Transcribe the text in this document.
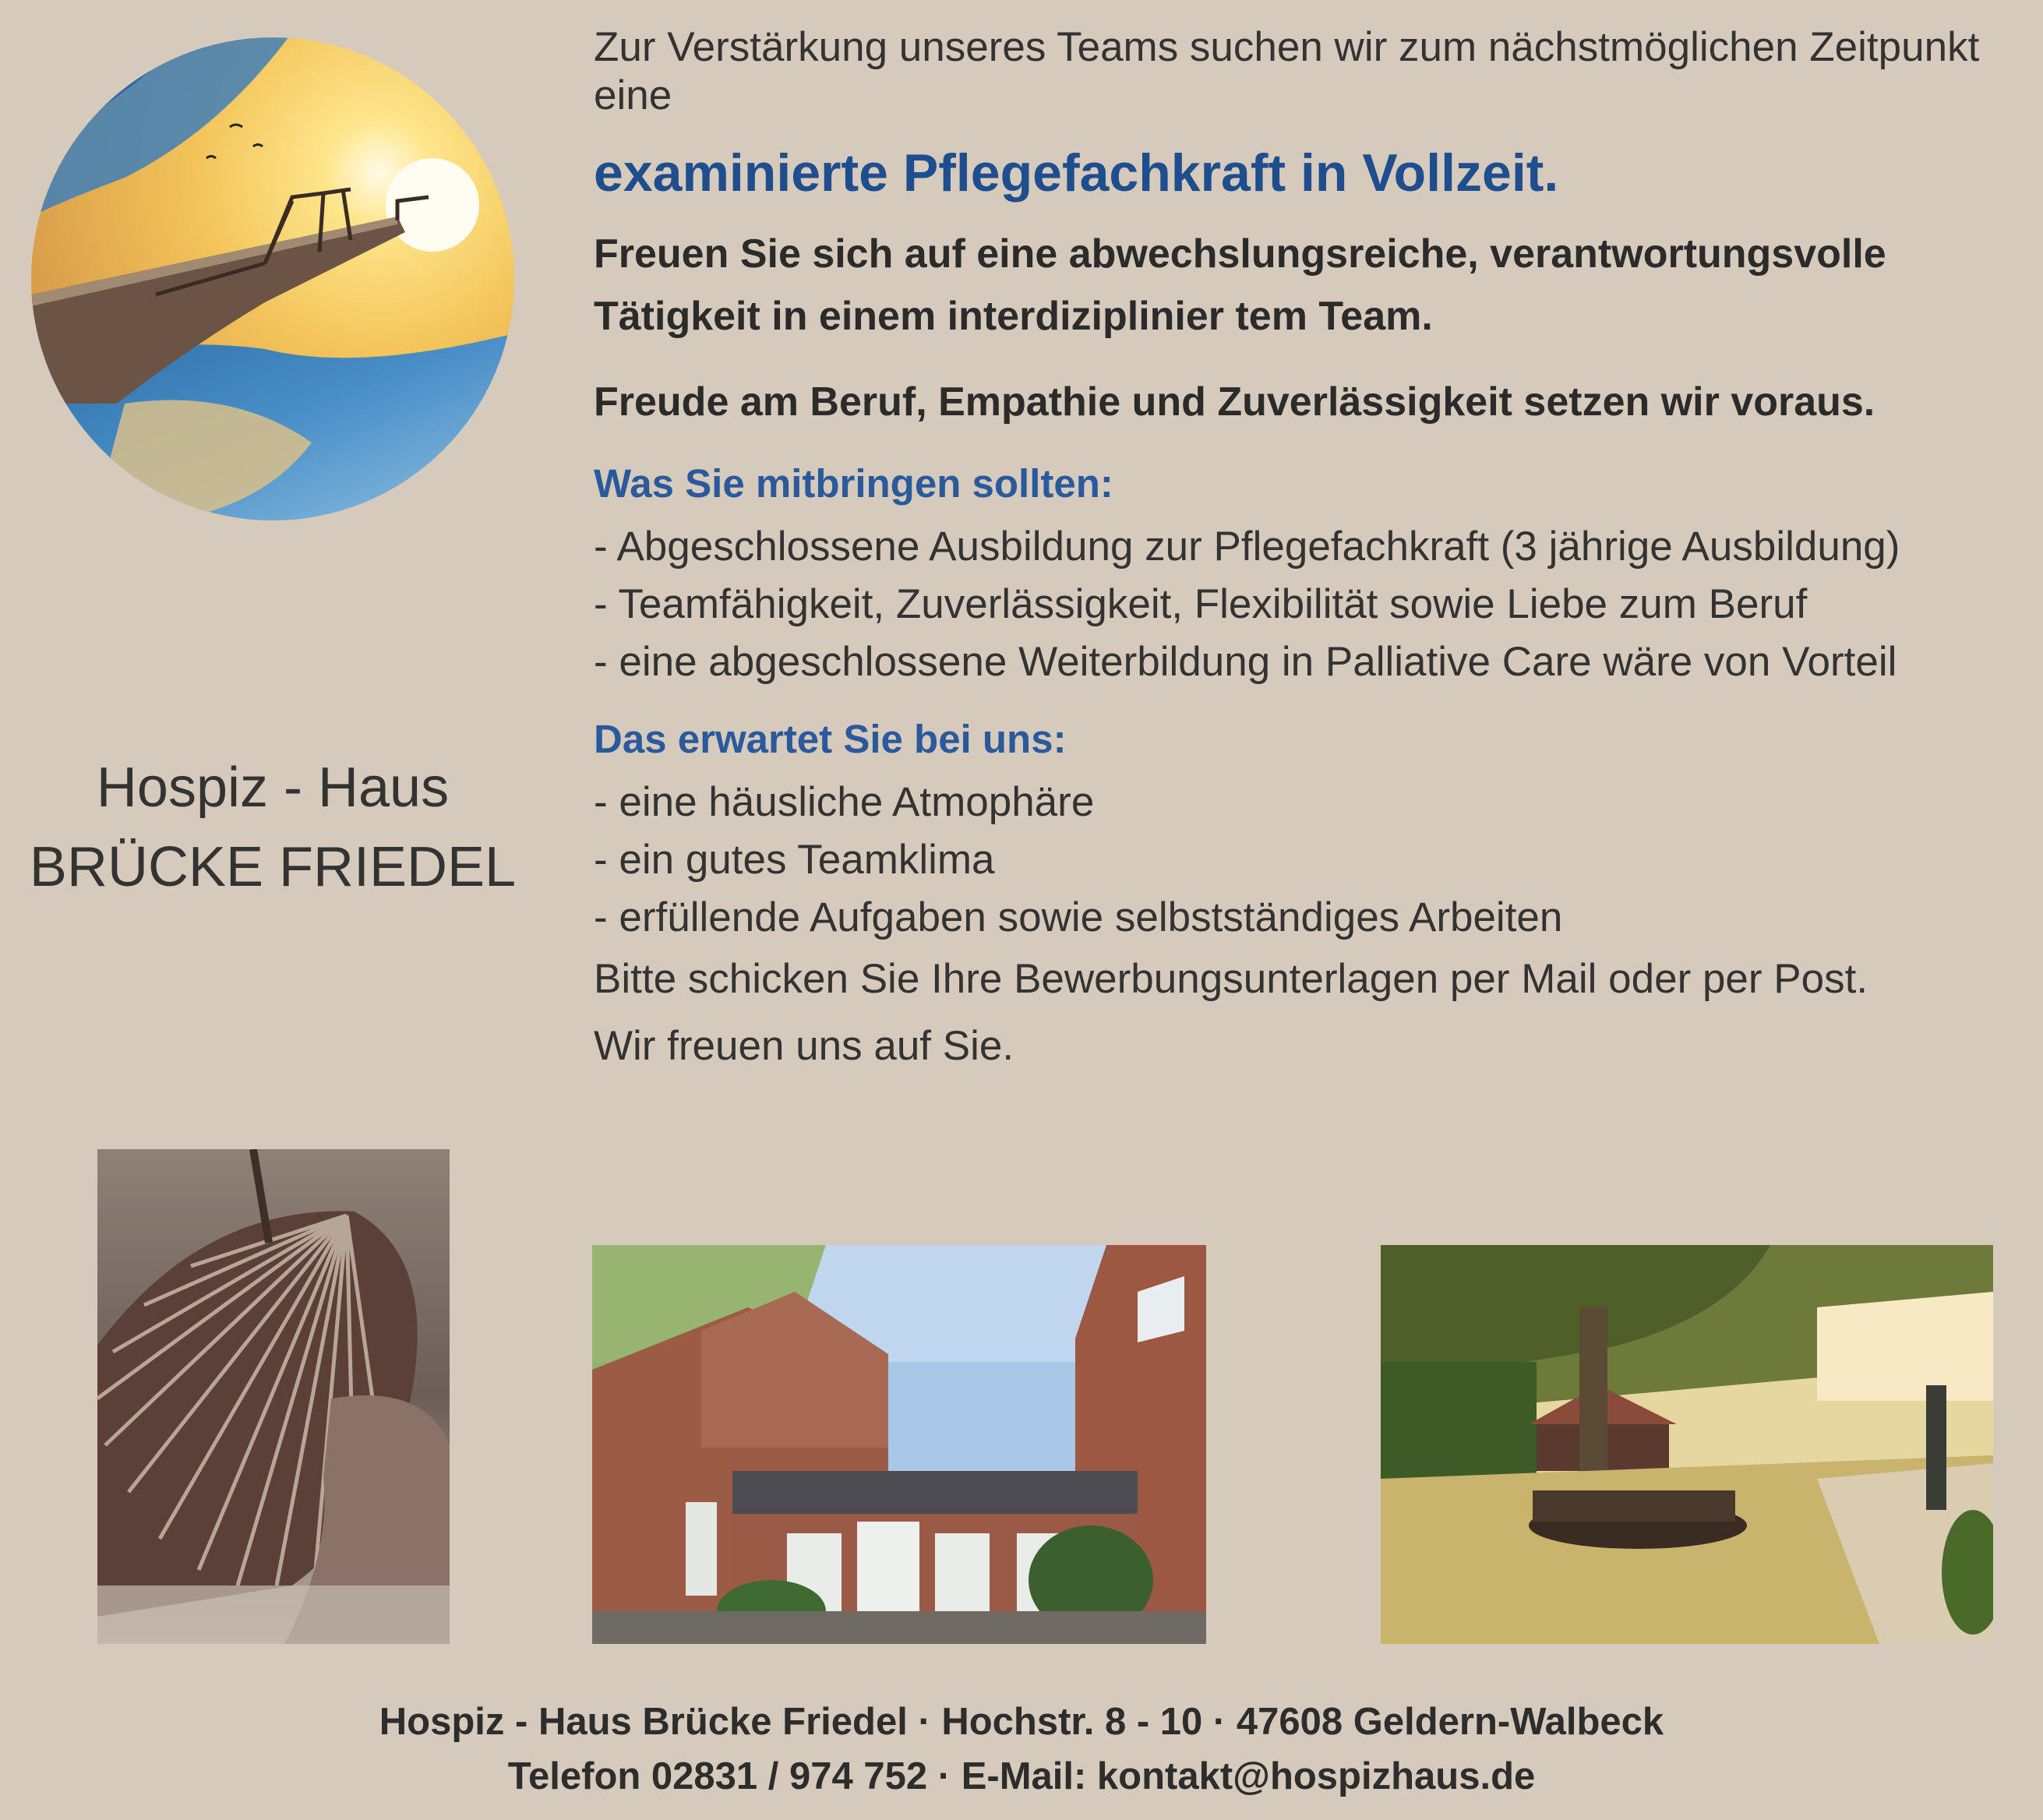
Hospiz - Haus
BRÜCKE FRIEDEL

Zur Verstärkung unseres Teams suchen wir zum nächstmöglichen Zeitpunkt eine

examinierte Pflegefachkraft in Vollzeit.

Freuen Sie sich auf eine abwechslungsreiche, verantwortungsvolle Tätigkeit in einem interdiziplinier tem Team.

Freude am Beruf, Empathie und Zuverlässigkeit setzen wir voraus.

Was Sie mitbringen sollten:
- Abgeschlossene Ausbildung zur Pflegefachkraft (3 jährige Ausbildung)
- Teamfähigkeit, Zuverlässigkeit, Flexibilität sowie Liebe zum Beruf
- eine abgeschlossene Weiterbildung in Palliative Care wäre von Vorteil
Das erwartet Sie bei uns:
- eine häusliche Atmophäre
- ein gutes Teamklima
- erfüllende Aufgaben sowie selbstständiges Arbeiten

Bitte schicken Sie Ihre Bewerbungsunterlagen per Mail oder per Post.

Wir freuen uns auf Sie.

Hospiz - Haus Brücke Friedel · Hochstr. 8 - 10 · 47608 Geldern-Walbeck
Telefon 02831 / 974 752 · E-Mail: kontakt@hospizhaus.de
